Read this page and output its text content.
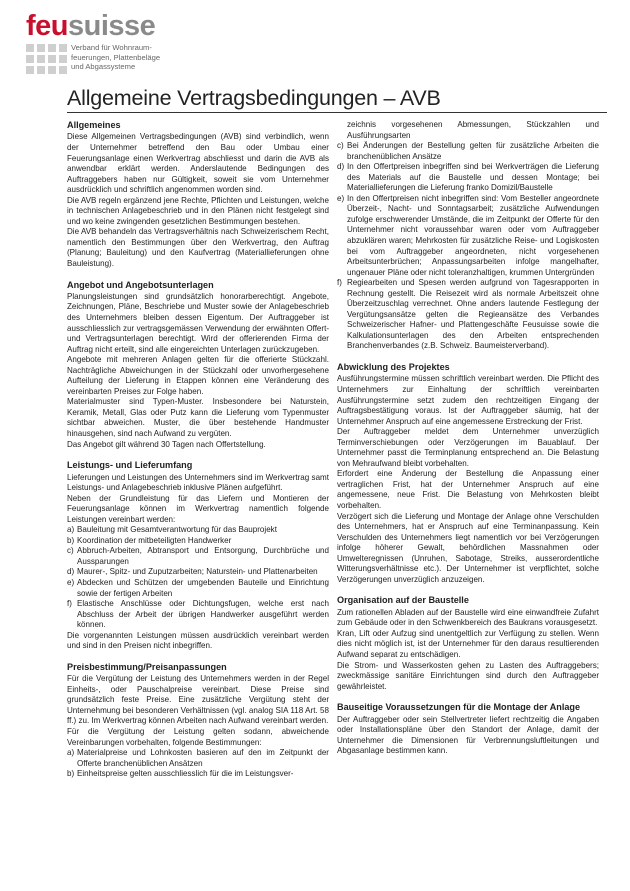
feusuisse
Verband für Wohnraum-
feuerungen, Plattenbeläge
und Abgassysteme
Allgemeine Vertragsbedingungen – AVB
Allgemeines

Diese Allgemeinen Vertragsbedingungen (AVB) sind verbindlich, wenn der Unternehmer betreffend den Bau oder Umbau einer Feuerungsanlage einen Werkvertrag abschliesst und darin die AVB als anwendbar erklärt werden. Anderslautende Bedingungen des Auftraggebers haben nur Gültigkeit, soweit sie vom Unternehmer ausdrücklich und schriftlich angenommen worden sind.

Die AVB regeln ergänzend jene Rechte, Pflichten und Leistungen, welche in technischen Anlagebeschrieb und in den Plänen nicht festgelegt sind und wo keine zwingenden gesetzlichen Bestimmungen bestehen.

Die AVB behandeln das Vertragsverhältnis nach Schweizerischem Recht, namentlich den Bestimmungen über den Werkvertrag, den Auftrag (Planung; Bauleitung) und den Kaufvertrag (Materiallieferungen ohne Bauleistung).

Angebot und Angebotsunterlagen

Planungsleistungen sind grundsätzlich honorarberechtigt. Angebote, Zeichnungen, Pläne, Beschriebe und Muster sowie der Anlagebeschrieb des Unternehmers bleiben dessen Eigentum. Der Auftraggeber ist ausschliesslich zur vertragsgemässen Verwendung der erwähnten Offert- und Vertragsunterlagen berechtigt. Wird der offerierenden Firma der Auftrag nicht erteilt, sind alle eingereichten Unterlagen zurückzugeben.

Angebote mit mehreren Anlagen gelten für die offerierte Stückzahl. Nachträgliche Abweichungen in der Stückzahl oder unvorhergesehene Aufteilung der Lieferung in Etappen können eine Veränderung des vereinbarten Preises zur Folge haben.

Materialmuster sind Typen-Muster. Insbesondere bei Naturstein, Keramik, Metall, Glas oder Putz kann die Lieferung vom Typenmuster sichtbar abweichen. Muster, die über bestehende Handmuster hinausgehen, sind nach Aufwand zu vergüten.

Das Angebot gilt während 30 Tagen nach Offertstellung.

Leistungs- und Lieferumfang

Lieferungen und Leistungen des Unternehmers sind im Werkvertrag samt Leistungs- und Anlagebeschrieb inklusive Plänen aufgeführt.

Neben der Grundleistung für das Liefern und Montieren der Feuerungsanlage können im Werkvertrag namentlich folgende Leistungen vereinbart werden:

a) Bauleitung mit Gesamtverantwortung für das Bauprojekt
b) Koordination der mitbeteiligten Handwerker
c) Abbruch-Arbeiten, Abtransport und Entsorgung, Durchbrüche und Aussparungen
d) Maurer-, Spitz- und Zuputzarbeiten; Naturstein- und Plattenarbeiten
e) Abdecken und Schützen der umgebenden Bauteile und Einrichtung sowie der fertigen Arbeiten
f) Elastische Anschlüsse oder Dichtungsfugen, welche erst nach Abschluss der Arbeit der übrigen Handwerker ausgeführt werden können.

Die vorgenannten Leistungen müssen ausdrücklich vereinbart werden und sind in den Preisen nicht inbegriffen.

Preisbestimmung/Preisanpassungen

Für die Vergütung der Leistung des Unternehmers werden in der Regel Einheits-, oder Pauschalpreise vereinbart. Diese Preise sind grundsätzlich feste Preise. Eine zusätzliche Vergütung steht der Unternehmung bei besonderen Verhältnissen (vgl. analog SIA 118 Art. 58 ff.) zu. Im Werkvertrag können Arbeiten nach Aufwand vereinbart werden.

Für die Vergütung der Leistung gelten sodann, abweichende Vereinbarungen vorbehalten, folgende Bestimmungen:

a) Materialpreise und Lohnkosten basieren auf den im Zeitpunkt der Offerte branchenüblichen Ansätzen
b) Einheitspreise gelten ausschliesslich für die im Leistungsver-
zeichnis vorgesehenen Abmessungen, Stückzahlen und Ausführungsarten
c) Bei Änderungen der Bestellung gelten für zusätzliche Arbeiten die branchenüblichen Ansätze
d) In den Offertpreisen inbegriffen sind bei Werkverträgen die Lieferung des Materials auf die Baustelle und dessen Montage; bei Materiallieferungen die Lieferung franko Domizil/Baustelle
e) In den Offertpreisen nicht inbegriffen sind: Vom Besteller angeordnete Überzeit-, Nacht- und Sonntagsarbeit; zusätzliche Aufwendungen zufolge erschwerender Umstände, die im Zeitpunkt der Offerte für den Unternehmer nicht voraussehbar waren oder vom Auftraggeber abzuklären waren; Mehrkosten für zusätzliche Reise- und Logiskosten bei vom Auftraggeber angeordneten, nicht vorgesehenen Arbeitsunterbrüchen; Anpassungsarbeiten infolge mangelhafter, ungenauer Pläne oder nicht toleranzhaltigen, krummen Untergründen
f) Regiearbeiten und Spesen werden aufgrund von Tagesrapporten in Rechnung gestellt. Die Reisezeit wird als normale Arbeitszeit ohne Überzeitzuschlag verrechnet. Ohne anders lautende Festlegung der Vergütungsansätze gelten die Regieansätze des Verbandes Schweizerischer Hafner- und Plattengeschäfte Feusuisse sowie die Kalkulationsunterlagen des den Arbeiten entsprechenden Branchenverbandes (z.B. Schweiz. Baumeisterverband).
Abwicklung des Projektes

Ausführungstermine müssen schriftlich vereinbart werden. Die Pflicht des Unternehmers zur Einhaltung der schriftlich vereinbarten Ausführungstermine setzt zudem den rechtzeitigen Eingang der Auftragsbestätigung voraus. Ist der Auftraggeber säumig, hat der Unternehmer Anspruch auf eine angemessene Erstreckung der Frist.

Der Auftraggeber meldet dem Unternehmer unverzüglich Terminverschiebungen oder Verzögerungen im Bauablauf. Der Unternehmer passt die Terminplanung entsprechend an. Die Belastung von Mehraufwand bleibt vorbehalten.

Erfordert eine Änderung der Bestellung die Anpassung einer vertraglichen Frist, hat der Unternehmer Anspruch auf eine angemessene, neue Frist. Die Belastung von Mehrkosten bleibt vorbehalten.

Verzögert sich die Lieferung und Montage der Anlage ohne Verschulden des Unternehmers, hat er Anspruch auf eine Terminanpassung. Kein Verschulden des Unternehmers liegt namentlich vor bei Verzögerungen infolge höherer Gewalt, behördlichen Massnahmen oder Umwelteregnissen (Unruhen, Sabotage, Streiks, ausserordentliche Witterungsverhältnisse etc.). Der Unternehmer ist verpflichtet, solche Verzögerungen unverzüglich anzuzeigen.

Organisation auf der Baustelle

Zum rationellen Abladen auf der Baustelle wird eine einwandfreie Zufahrt zum Gebäude oder in den Schwenkbereich des Baukrans vorausgesetzt.

Kran, Lift oder Aufzug sind unentgeltlich zur Verfügung zu stellen. Wenn dies nicht möglich ist, ist der Unternehmer für den daraus resultierenden Aufwand separat zu entschädigen.

Die Strom- und Wasserkosten gehen zu Lasten des Auftraggebers; zweckmässige sanitäre Einrichtungen sind durch den Auftraggeber gewährleistet.

Bauseitige Voraussetzungen für die Montage der Anlage

Der Auftraggeber oder sein Stellvertreter liefert rechtzeitig die Angaben oder Installationspläne über den Standort der Anlage, damit der Unternehmer die Dimensionen für Verbrennungsluftleitungen und Abgasanlage bestimmen kann.
